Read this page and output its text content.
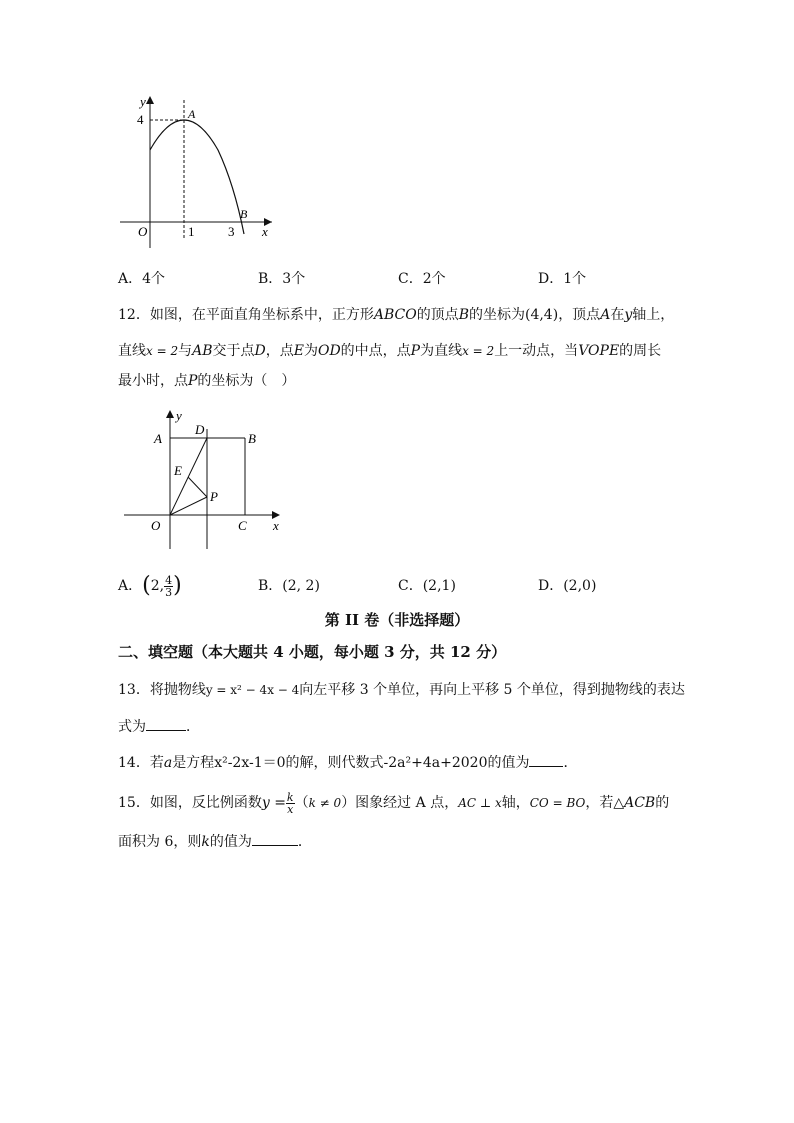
y
4	A
B
O	1	3 x
A．4个	B．3个	C．2个	D．1个
12．如图，在平面直角坐标系中，正方形ABCO的顶点B的坐标为(4,4)，顶点A在y轴上，
直线x = 2与AB交于点D，点E为OD的中点，点P为直线x = 2上一动点，当VOPE的周长
最小时，点P的坐标为（　）
y
A
D
B
E
P
O	C x
A．(2, $\frac{4}{3}$ )	B．(2, 2)	C．(2,1)	D．(2,0)
第 II 卷（非选择题）
二、填空题（本大题共 4 小题，每小题 3 分，共 12 分）
13．将抛物线y = x² − 4x − 4向左平移 3 个单位，再向上平移 5 个单位，得到抛物线的表达
式为	．
14．若a是方程x²-2x-1＝0的解，则代数式-2a²+4a+2020的值为 ．
15．如图，反比例函数$y = \frac{k}{x} (k \ne 0)$图象经过 A 点，AC ⊥ x轴，CO = BO，若△ACB的
面积为 6，则k的值为	．
